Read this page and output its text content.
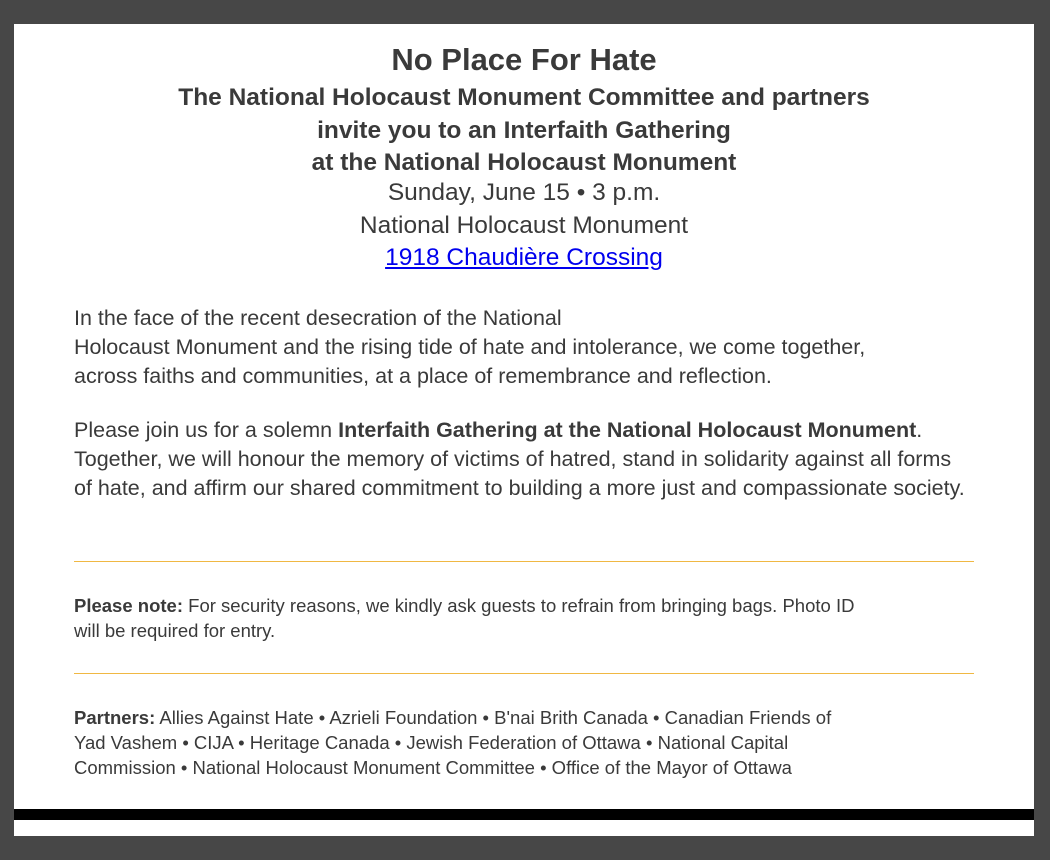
No Place For Hate
The National Holocaust Monument Committee and partners
invite you to an Interfaith Gathering
at the National Holocaust Monument
Sunday, June 15 • 3 p.m.
National Holocaust Monument
1918 Chaudière Crossing
In the face of the recent desecration of the National
Holocaust Monument and the rising tide of hate and intolerance, we come together,
across faiths and communities, at a place of remembrance and reflection.
Please join us for a solemn Interfaith Gathering at the National Holocaust Monument. Together, we will honour the memory of victims of hatred, stand in solidarity against all forms of hate, and affirm our shared commitment to building a more just and compassionate society.
Please note: For security reasons, we kindly ask guests to refrain from bringing bags. Photo ID
will be required for entry.
Partners: Allies Against Hate • Azrieli Foundation • B'nai Brith Canada • Canadian Friends of
Yad Vashem • CIJA • Heritage Canada • Jewish Federation of Ottawa • National Capital
Commission • National Holocaust Monument Committee • Office of the Mayor of Ottawa
